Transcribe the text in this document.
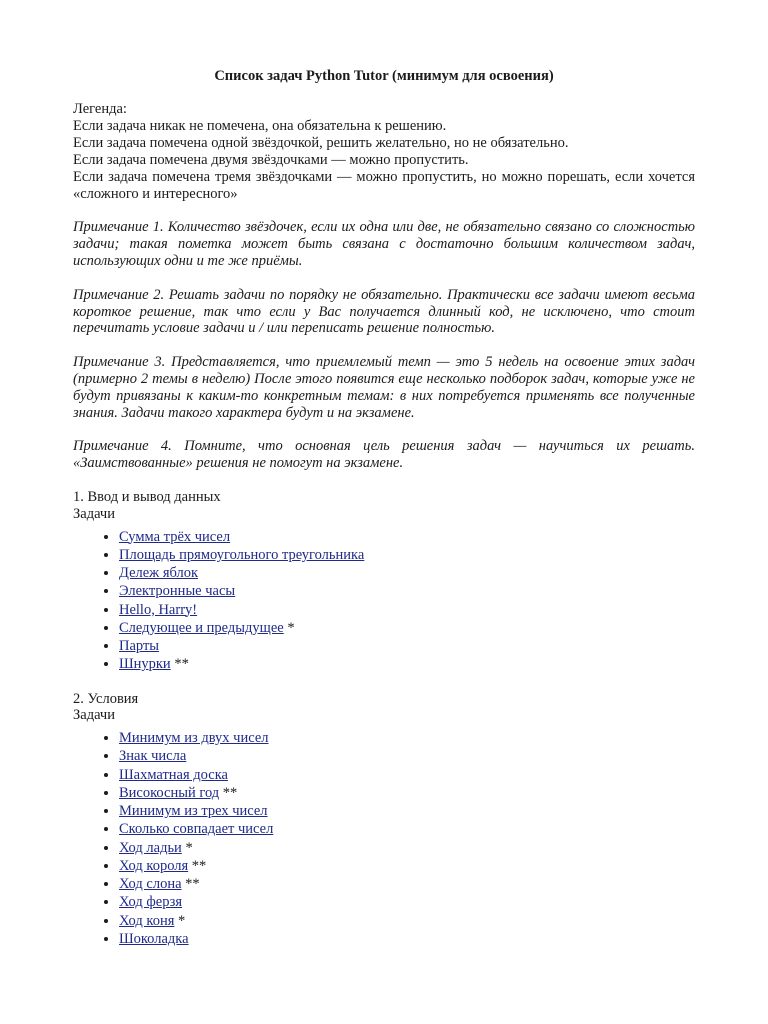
Список задач Python Tutor (минимум для освоения)
Легенда:
Если задача никак не помечена, она обязательна к решению.
Если задача помечена одной звёздочкой, решить желательно, но не обязательно.
Если задача помечена двумя звёздочками — можно пропустить.
Если задача помечена тремя звёздочками — можно пропустить, но можно порешать, если хочется «сложного и интересного»
Примечание 1. Количество звёздочек, если их одна или две, не обязательно связано со сложностью задачи; такая пометка может быть связана с достаточно большим количеством задач, использующих одни и те же приёмы.
Примечание 2. Решать задачи по порядку не обязательно. Практически все задачи имеют весьма короткое решение, так что если у Вас получается длинный код, не исключено, что стоит перечитать условие задачи и / или переписать решение полностью.
Примечание 3. Представляется, что приемлемый темп — это 5 недель на освоение этих задач (примерно 2 темы в неделю) После этого появится еще несколько подборок задач, которые уже не будут привязаны к каким-то конкретным темам: в них потребуется применять все полученные знания. Задачи такого характера будут и на экзамене.
Примечание 4. Помните, что основная цель решения задач — научиться их решать. «Заимствованные» решения не помогут на экзамене.
1. Ввод и вывод данных
Задачи
• Сумма трёх чисел
• Площадь прямоугольного треугольника
• Дележ яблок
• Электронные часы
• Hello, Harry!
• Следующее и предыдущее *
• Парты
• Шнурки **
2. Условия
Задачи
• Минимум из двух чисел
• Знак числа
• Шахматная доска
• Високосный год **
• Минимум из трех чисел
• Сколько совпадает чисел
• Ход ладьи *
• Ход короля **
• Ход слона **
• Ход ферзя
• Ход коня *
• Шоколадка
